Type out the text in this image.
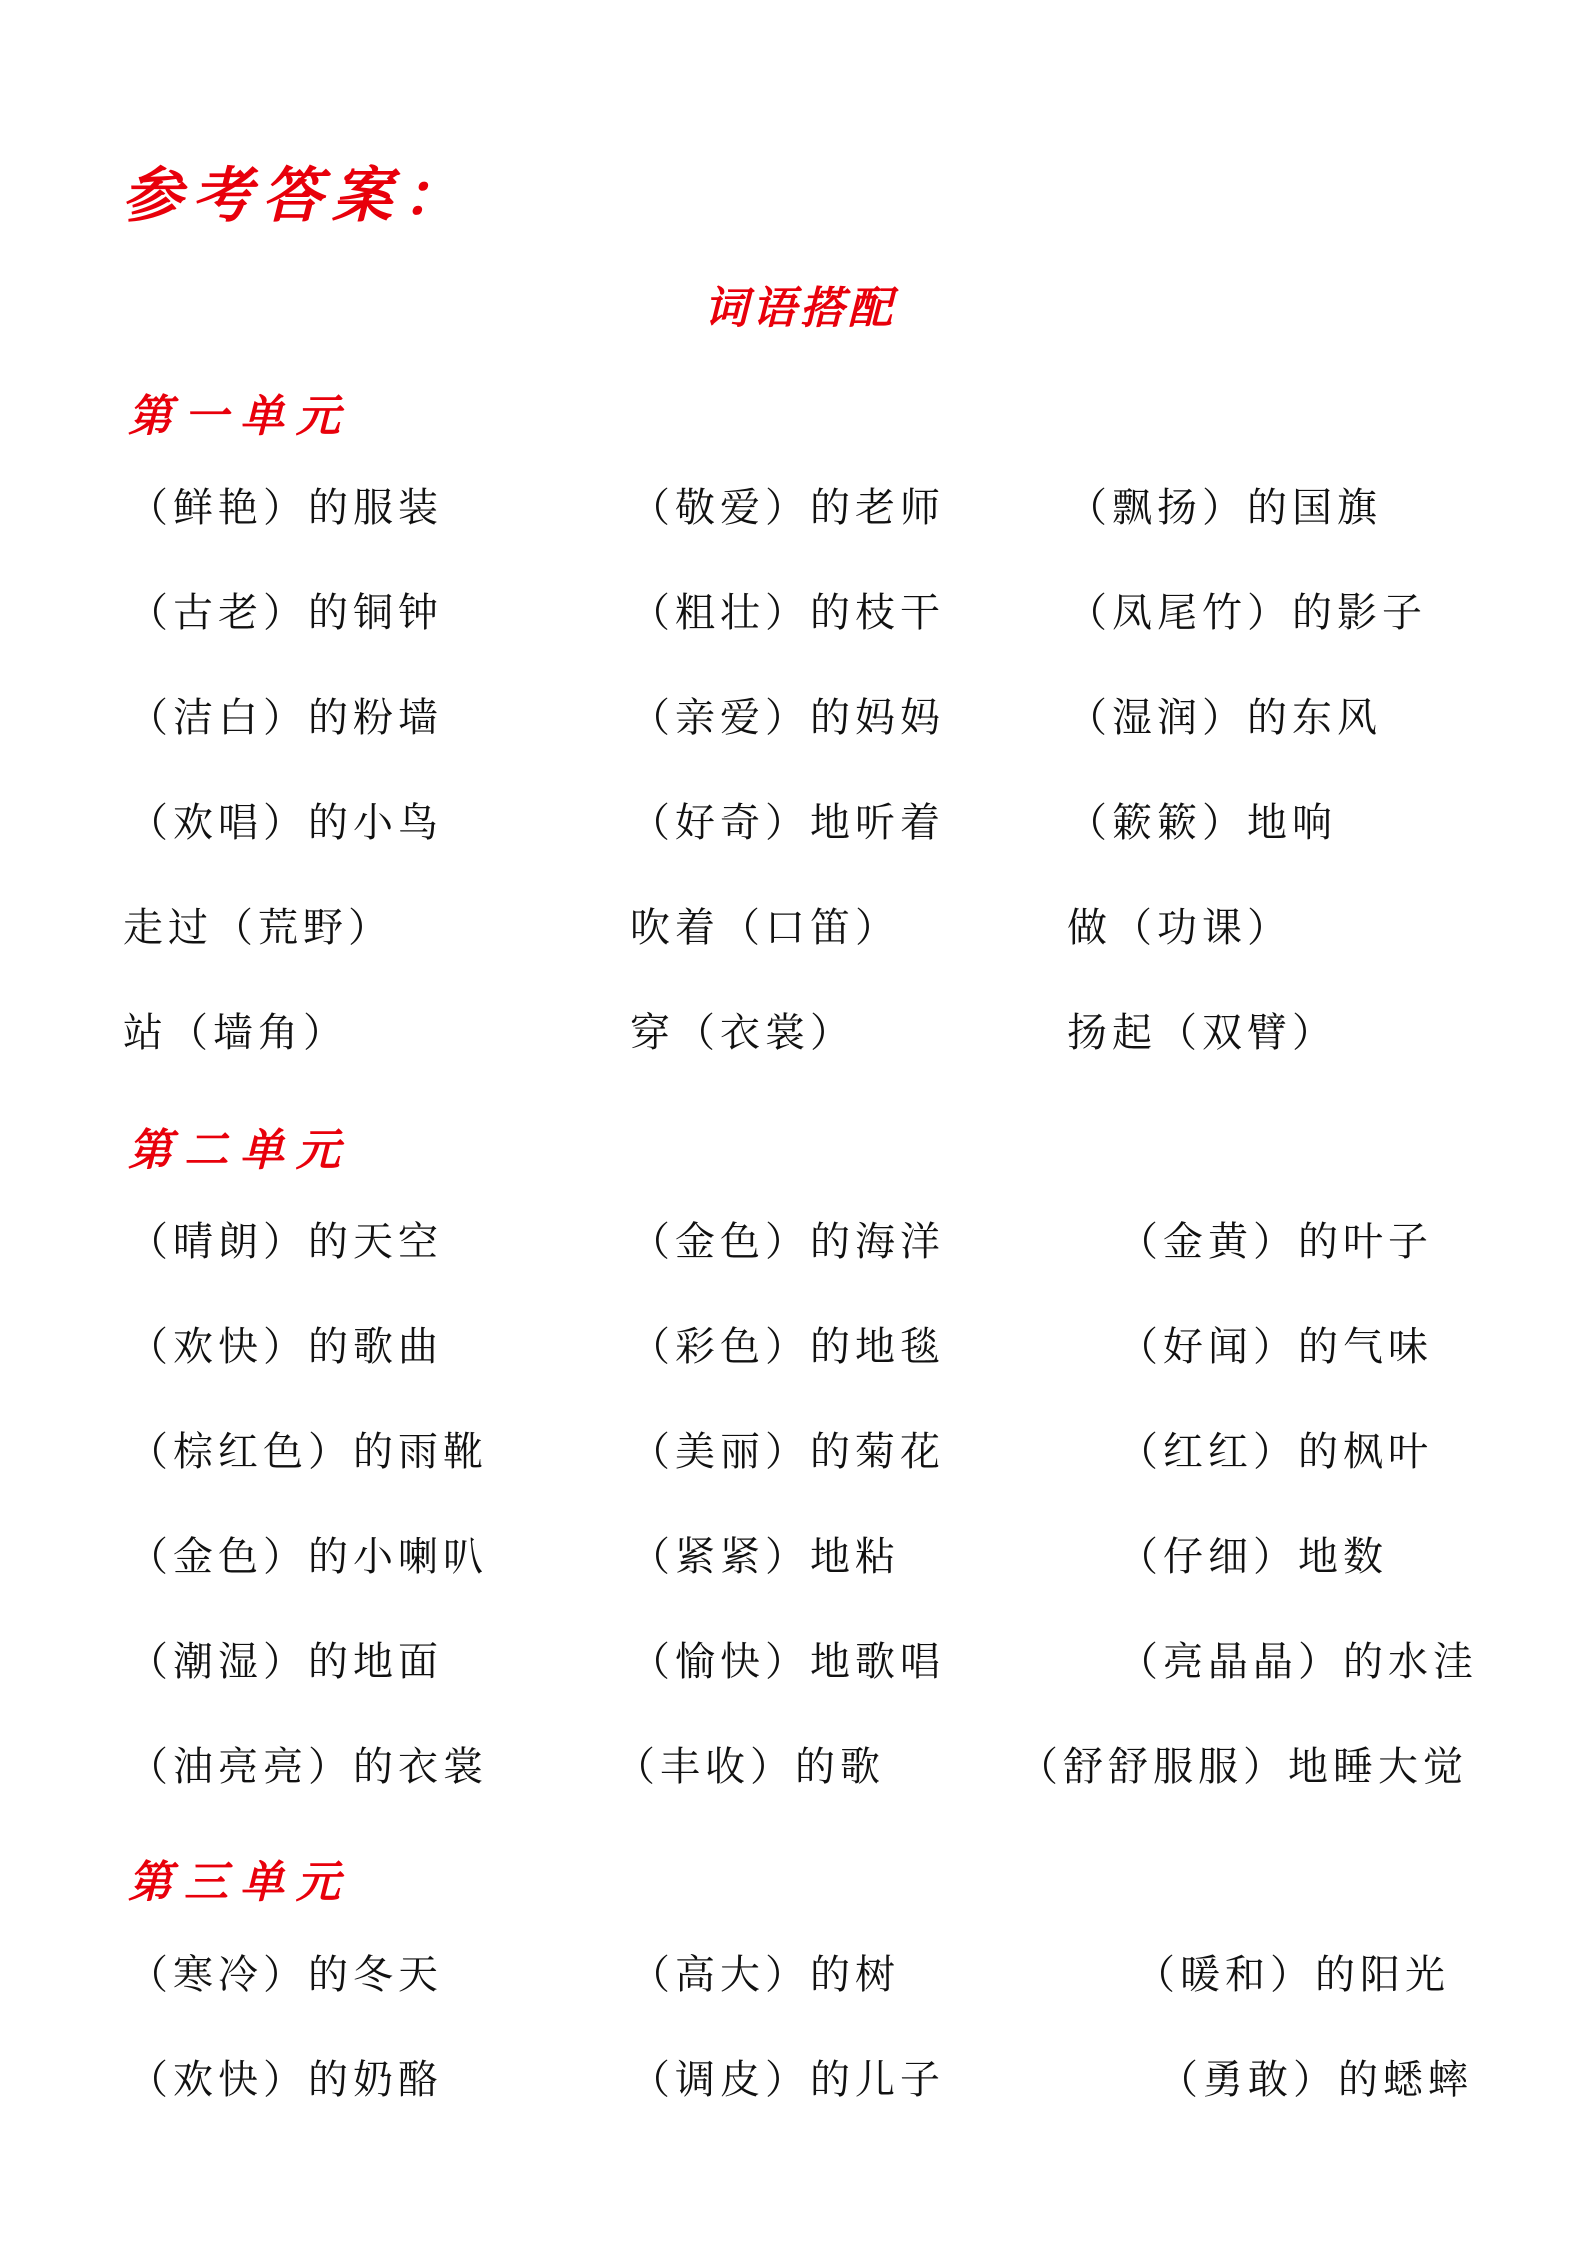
参考答案：
词语搭配
第一单元
（鲜艳）的服装	（敬爱）的老师	（飘扬）的国旗
（古老）的铜钟	（粗壮）的枝干	（凤尾竹）的影子
（洁白）的粉墙	（亲爱）的妈妈	（湿润）的东风
（欢唱）的小鸟	（好奇）地听着	（簌簌）地响
走过（荒野）	吹着（口笛）	做（功课）
站（墙角）	穿（衣裳）	扬起（双臂）
第二单元
（晴朗）的天空	（金色）的海洋	（金黄）的叶子
（欢快）的歌曲	（彩色）的地毯	（好闻）的气味
（棕红色）的雨靴	（美丽）的菊花	（红红）的枫叶
（金色）的小喇叭	（紧紧）地粘	（仔细）地数
（潮湿）的地面	（愉快）地歌唱	（亮晶晶）的水洼
（油亮亮）的衣裳	（丰收）的歌	（舒舒服服）地睡大觉
第三单元
（寒冷）的冬天	（高大）的树	（暖和）的阳光
（欢快）的奶酪	（调皮）的儿子	（勇敢）的蟋蟀
